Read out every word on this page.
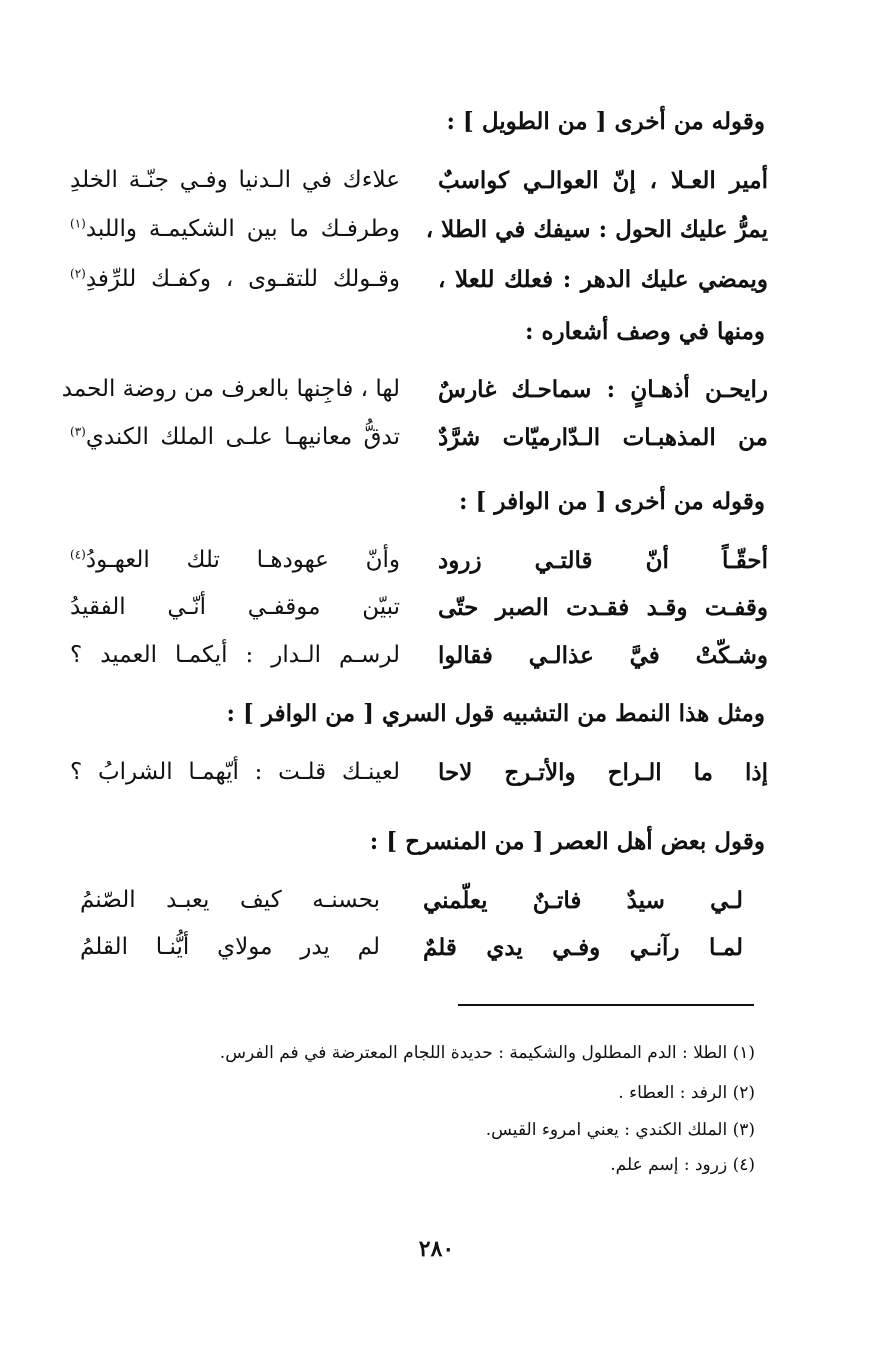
وقوله من أخرى [ من الطويل ] :
أمير العـلا ، إنّ العوالـي كواسبٌ
علاءك في الـدنيا وفـي جنّـة الخلدِ
يمرُّ عليك الحول : سيفك في الطلا ،
وطرفـك ما بين الشكيمـة واللبد$^{(١)}$
ويمضي عليك الدهر : فعلك للعلا ،
وقـولك للتقـوى ، وكفـك للرِّفدِ$^{(٢)}$
ومنها في وصف أشعاره :
رايحـن أذهـانٍ : سماحـك غارسٌ
لها ، فاجِنها بالعرف من روضة الحمد
من المذهبـات الـدّارميّات شرَّدٌ
تدقُّ معانيهـا علـى الملك الكندي$^{(٣)}$
وقوله من أخرى [ من الوافر ] :
أحقّـاً أنّ قالتـي زرود
وأنّ عهودهـا تلك العهـودُ$^{(٤)}$
وقفـت وقـد فقـدت الصبر حتّى
تبيّن موقفـي أنّـي الفقيدُ
وشـكّتْ فيَّ عذالـي فقالوا
لرسـم الـدار : أيكمـا العميد ؟
ومثل هذا النمط من التشبيه قول السري [ من الوافر ] :
إذا ما الـراح والأتـرج لاحا
لعينـك قلـت : أيّهمـا الشرابُ ؟
وقول بعض أهل العصر [ من المنسرح ] :
لـي سيدٌ فاتـنٌ يعلّمني
بحسنـه كيف يعبـد الصّنمُ
لمـا رآنـي وفـي يدي قلمٌ
لم يدر مولاي أيُّنـا القلمُ
(١) الطلا : الدم المطلول والشكيمة : حديدة اللجام المعترضة في فم الفرس.
(٢) الرفد : العطاء .
(٣) الملك الكندي : يعني امروء القيس.
(٤) زرود : إسم علم.
٢٨٠
